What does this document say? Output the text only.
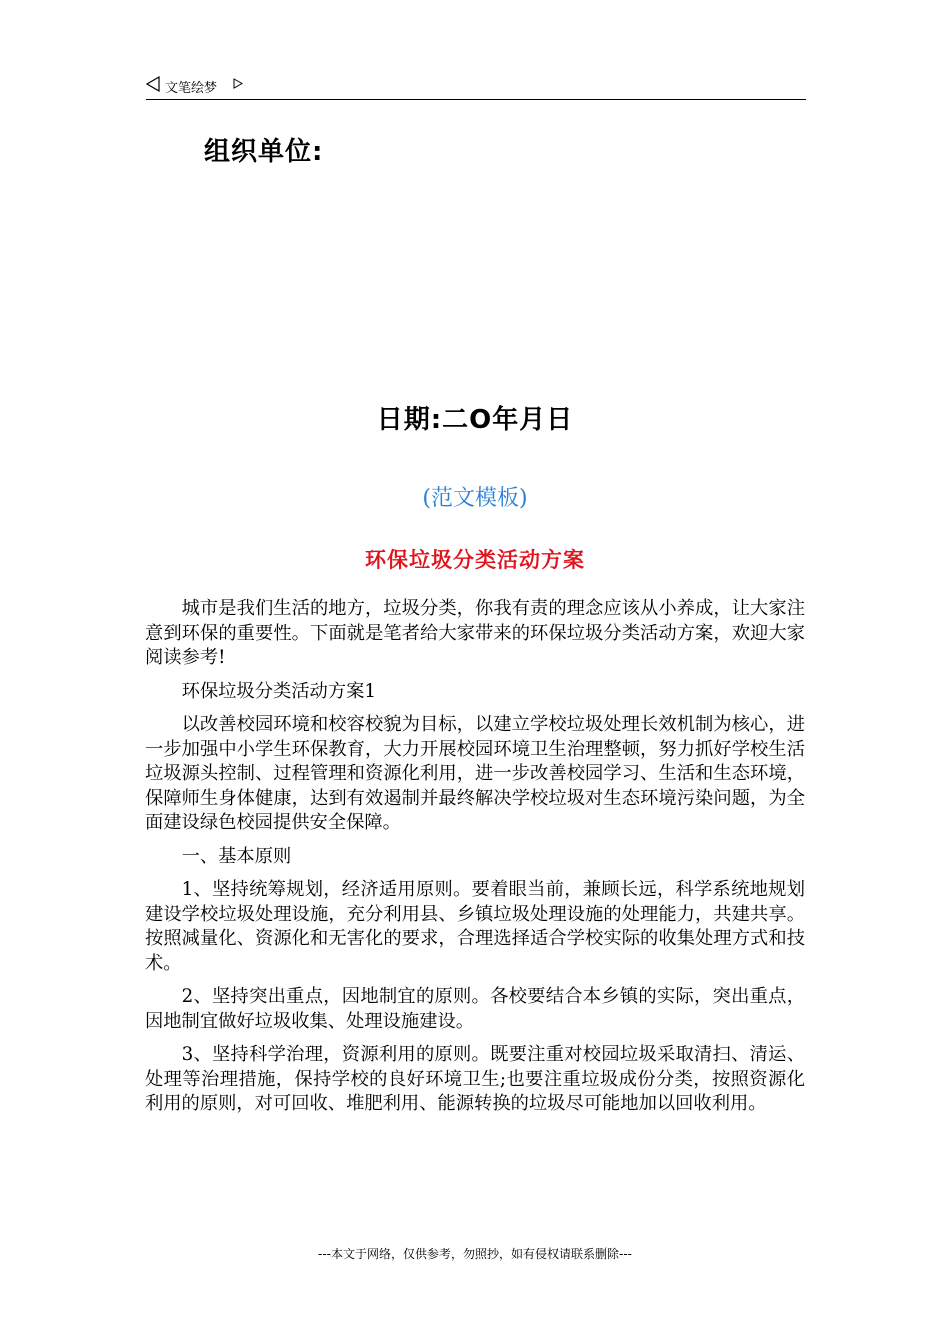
文笔绘梦
组织单位:
日期:二O年月日
(范文模板)
环保垃圾分类活动方案

城市是我们生活的地方，垃圾分类，你我有责的理念应该从小养成，让大家注意到环保的重要性。下面就是笔者给大家带来的环保垃圾分类活动方案，欢迎大家阅读参考!

环保垃圾分类活动方案1

以改善校园环境和校容校貌为目标，以建立学校垃圾处理长效机制为核心，进一步加强中小学生环保教育，大力开展校园环境卫生治理整顿，努力抓好学校生活垃圾源头控制、过程管理和资源化利用，进一步改善校园学习、生活和生态环境，保障师生身体健康，达到有效遏制并最终解决学校垃圾对生态环境污染问题，为全面建设绿色校园提供安全保障。

一、基本原则

1、坚持统筹规划，经济适用原则。要着眼当前，兼顾长远，科学系统地规划建设学校垃圾处理设施，充分利用县、乡镇垃圾处理设施的处理能力，共建共享。按照减量化、资源化和无害化的要求，合理选择适合学校实际的收集处理方式和技术。

2、坚持突出重点，因地制宜的原则。各校要结合本乡镇的实际，突出重点，因地制宜做好垃圾收集、处理设施建设。

3、坚持科学治理，资源利用的原则。既要注重对校园垃圾采取清扫、清运、处理等治理措施，保持学校的良好环境卫生;也要注重垃圾成份分类，按照资源化利用的原则，对可回收、堆肥利用、能源转换的垃圾尽可能地加以回收利用。

---本文于网络，仅供参考，勿照抄，如有侵权请联系删除---
